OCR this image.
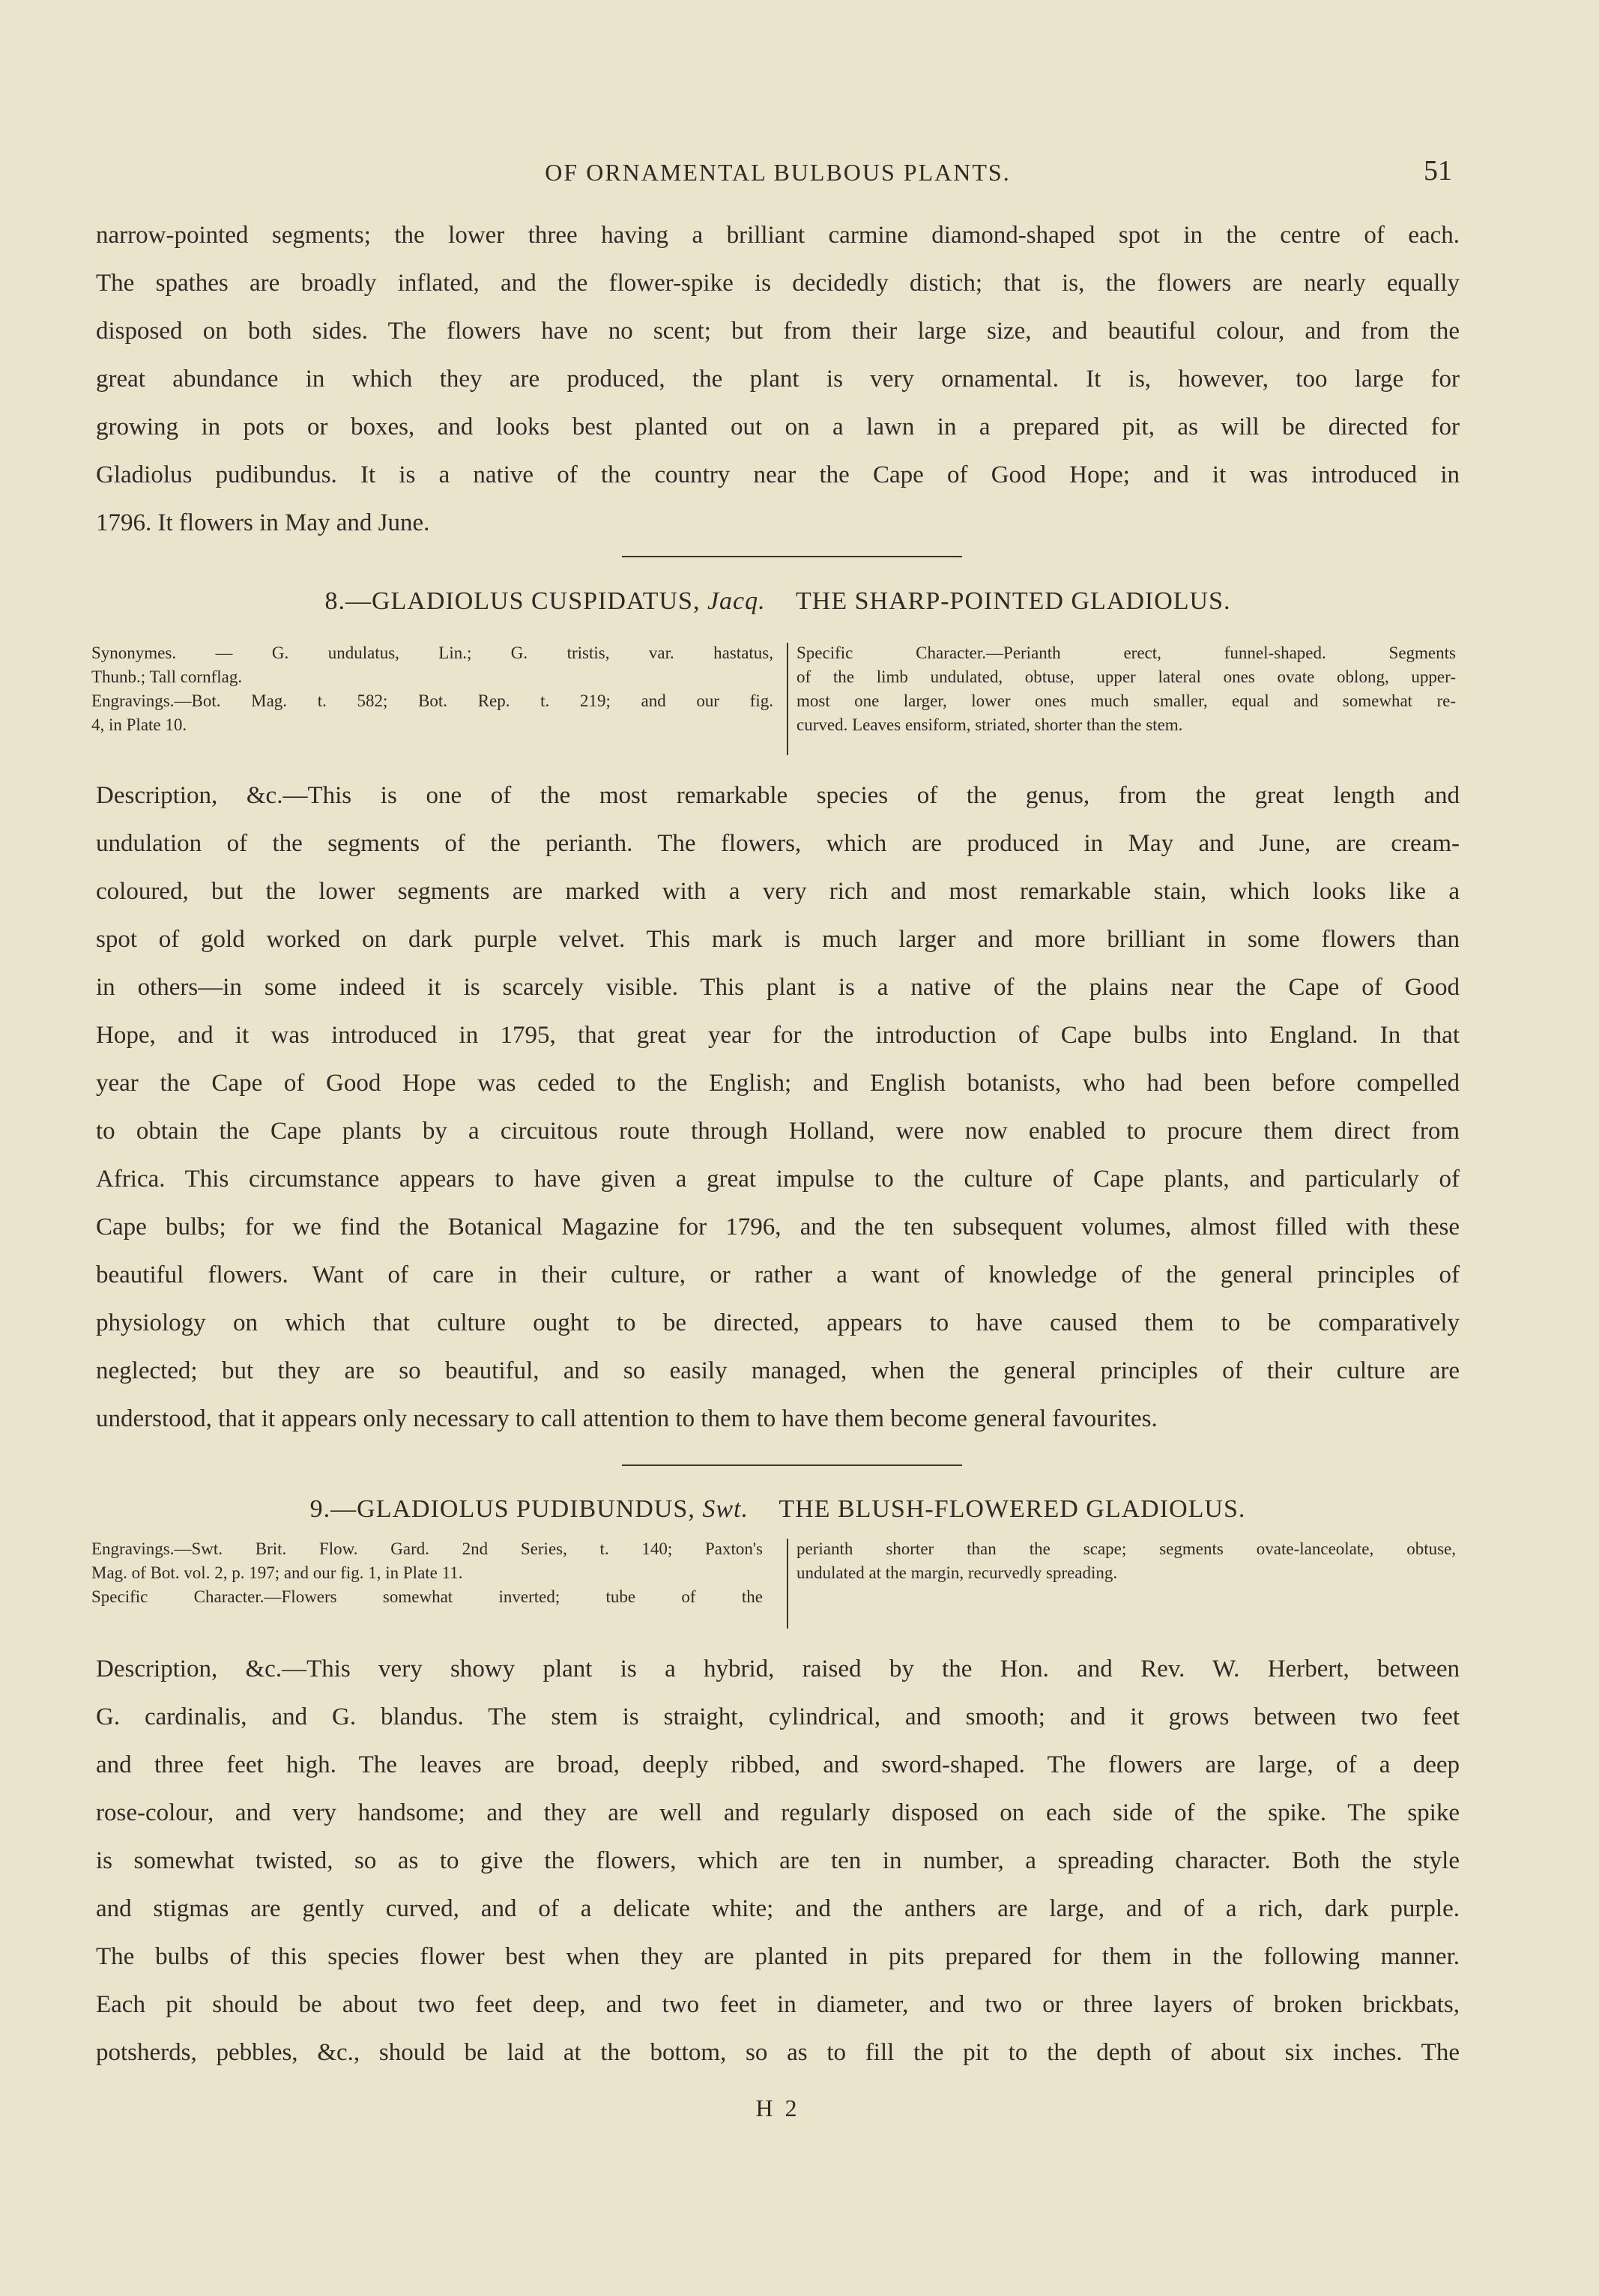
OF ORNAMENTAL BULBOUS PLANTS.	51
narrow-pointed segments; the lower three having a brilliant carmine diamond-shaped spot in the centre of each.
The spathes are broadly inflated, and the flower-spike is decidedly distich; that is, the flowers are nearly equally
disposed on both sides. The flowers have no scent; but from their large size, and beautiful colour, and from the
great abundance in which they are produced, the plant is very ornamental. It is, however, too large for
growing in pots or boxes, and looks best planted out on a lawn in a prepared pit, as will be directed for
Gladiolus pudibundus. It is a native of the country near the Cape of Good Hope; and it was introduced in
1796. It flowers in May and June.
8.—GLADIOLUS CUSPIDATUS, Jacq. THE SHARP-POINTED GLADIOLUS.
Synonymes. — G. undulatus, Lin.; G. tristis, var. hastatus,
Thunb.; Tall cornflag.
Engravings.—Bot. Mag. t. 582; Bot. Rep. t. 219; and our fig.
4, in Plate 10.
Specific Character.—Perianth erect, funnel-shaped. Segments
of the limb undulated, obtuse, upper lateral ones ovate oblong, upper-
most one larger, lower ones much smaller, equal and somewhat re-
curved. Leaves ensiform, striated, shorter than the stem.
Description, &c.—This is one of the most remarkable species of the genus, from the great length and
undulation of the segments of the perianth. The flowers, which are produced in May and June, are cream-
coloured, but the lower segments are marked with a very rich and most remarkable stain, which looks like a
spot of gold worked on dark purple velvet. This mark is much larger and more brilliant in some flowers than
in others—in some indeed it is scarcely visible. This plant is a native of the plains near the Cape of Good
Hope, and it was introduced in 1795, that great year for the introduction of Cape bulbs into England. In that
year the Cape of Good Hope was ceded to the English; and English botanists, who had been before compelled
to obtain the Cape plants by a circuitous route through Holland, were now enabled to procure them direct from
Africa. This circumstance appears to have given a great impulse to the culture of Cape plants, and particularly of
Cape bulbs; for we find the Botanical Magazine for 1796, and the ten subsequent volumes, almost filled with these
beautiful flowers. Want of care in their culture, or rather a want of knowledge of the general principles of
physiology on which that culture ought to be directed, appears to have caused them to be comparatively
neglected; but they are so beautiful, and so easily managed, when the general principles of their culture are
understood, that it appears only necessary to call attention to them to have them become general favourites.
9.—GLADIOLUS PUDIBUNDUS, Swt. THE BLUSH-FLOWERED GLADIOLUS.
Engravings.—Swt. Brit. Flow. Gard. 2nd Series, t. 140; Paxton's
Mag. of Bot. vol. 2, p. 197; and our fig. 1, in Plate 11.
Specific Character.—Flowers somewhat inverted; tube of the
perianth shorter than the scape; segments ovate-lanceolate, obtuse,
undulated at the margin, recurvedly spreading.
Description, &c.—This very showy plant is a hybrid, raised by the Hon. and Rev. W. Herbert, between
G. cardinalis, and G. blandus. The stem is straight, cylindrical, and smooth; and it grows between two feet
and three feet high. The leaves are broad, deeply ribbed, and sword-shaped. The flowers are large, of a deep
rose-colour, and very handsome; and they are well and regularly disposed on each side of the spike. The spike
is somewhat twisted, so as to give the flowers, which are ten in number, a spreading character. Both the style
and stigmas are gently curved, and of a delicate white; and the anthers are large, and of a rich, dark purple.
The bulbs of this species flower best when they are planted in pits prepared for them in the following manner.
Each pit should be about two feet deep, and two feet in diameter, and two or three layers of broken brickbats,
potsherds, pebbles, &c., should be laid at the bottom, so as to fill the pit to the depth of about six inches. The
H 2
